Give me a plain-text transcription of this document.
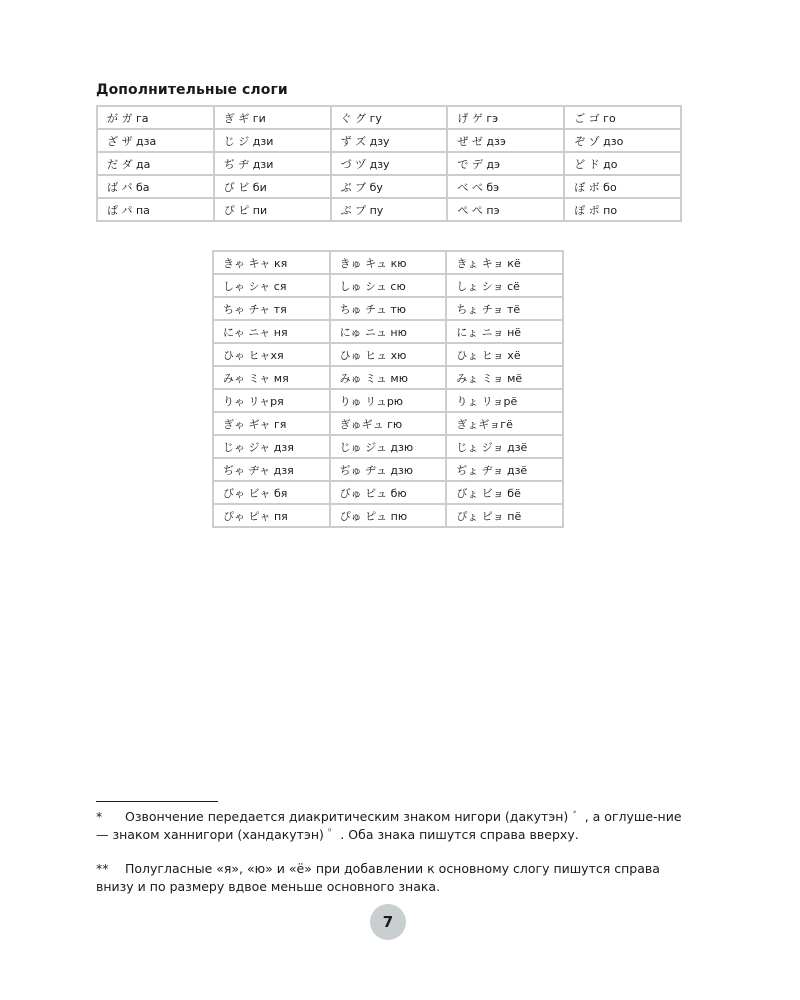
Дополнительные слоги
が ガ га	ぎ ギ ги	ぐ グ гу	げ ゲ гэ	ご ゴ го
ざ ザ дза	じ ジ дзи	ず ズ дзу	ぜ ゼ дзэ	ぞ ゾ дзо
だ ダ да	ぢ ヂ дзи	づ ヅ дзу	で デ дэ	ど ド до
ば バ ба	び ビ би	ぶ ブ бу	べ べ бэ	ぼ ボ бо
ぱ パ па	ぴ ピ пи	ぷ プ пу	ぺ ぺ пэ	ぽ ポ по
きゃ キャ кя	きゅ キュ кю	きょ キョ кё
しゃ シャ ся	しゅ シュ сю	しょ ショ сё
ちゃ チャ тя	ちゅ チュ тю	ちょ チョ тё
にゃ ニャ ня	にゅ ニュ ню	にょ ニョ нё
ひゃ ヒャхя	ひゅ ヒュ хю	ひょ ヒョ хё
みゃ ミャ мя	みゅ ミュ мю	みょ ミョ мё
りゃ リャря	りゅ リュрю	りょ リョрё
ぎゃ ギャ гя	ぎゅギュ гю	ぎょギョгё
じゃ ジャ дзя	じゅ ジュ дзю	じょ ジョ дзё
ぢゃ ヂャ дзя	ぢゅ ヂュ дзю	ぢょ ヂョ дзё
びゃ ビャ бя	びゅ ビュ бю	びょ ビョ бё
ぴゃ ピャ пя	ぴゅ ピュ пю	ぴょ ピョ пё
* Озвончение передается диакритическим знаком нигори (дакутэн) ゛, а оглуше-ние — знаком ханнигори (хандакутэн) ゜. Оба знака пишутся справа вверху.
** Полугласные «я», «ю» и «ё» при добавлении к основному слогу пишутся справа внизу и по размеру вдвое меньше основного знака.
7
